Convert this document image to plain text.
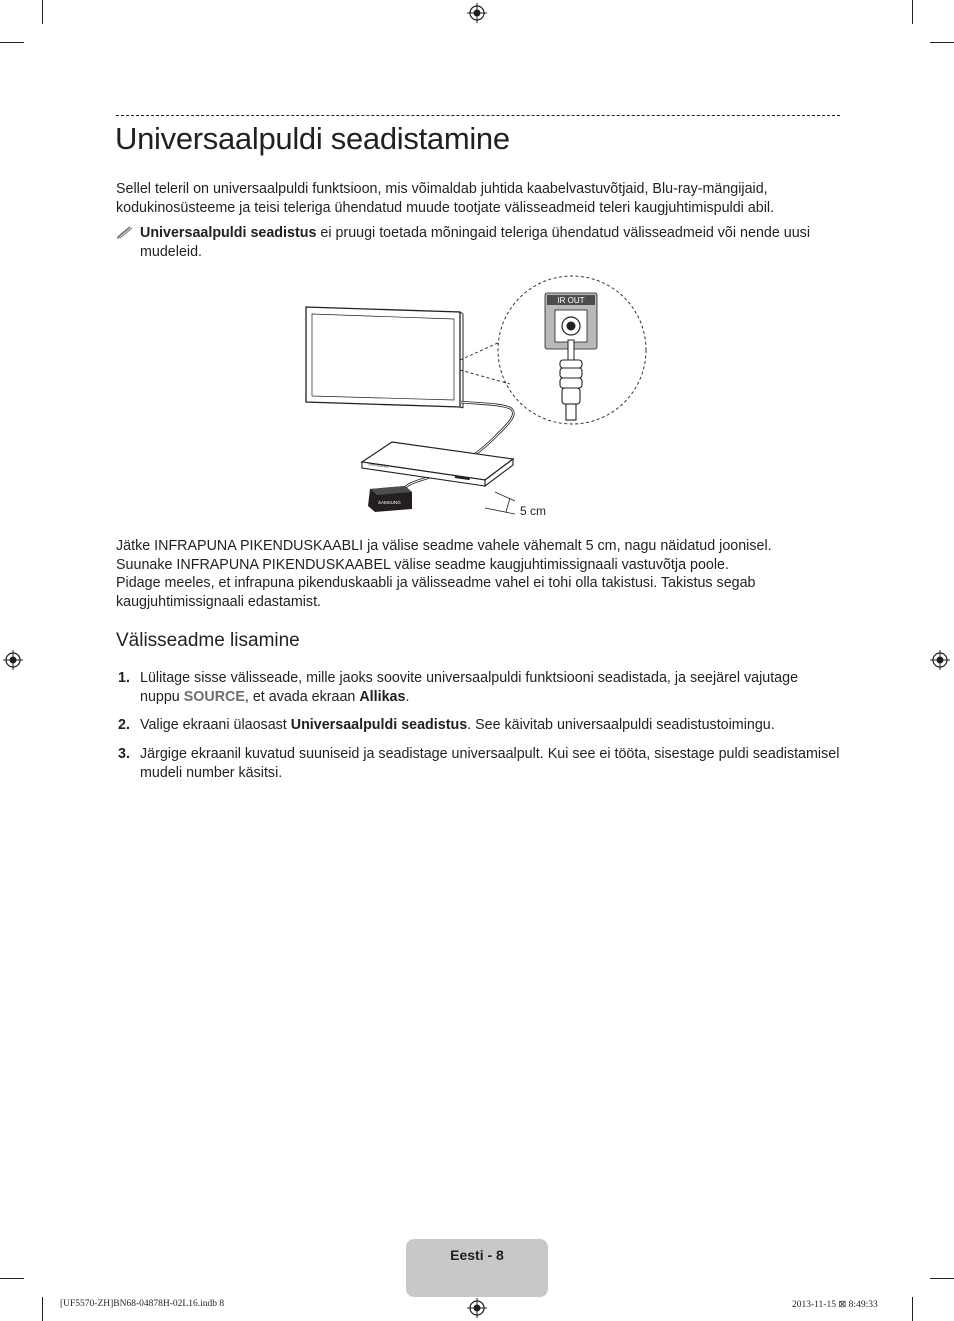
Universaalpuldi seadistamine

Sellel teleril on universaalpuldi funktsioon, mis võimaldab juhtida kaabelvastuvõtjaid, Blu-ray-mängijaid, kodukinosüsteeme ja teisi teleriga ühendatud muude tootjate välisseadmeid teleri kaugjuhtimispuldi abil.

Universaalpuldi seadistus ei pruugi toetada mõningaid teleriga ühendatud välisseadmeid või nende uusi mudeleid.

IR OUT
SAMSUNG
SAMSUNG
5 cm

Jätke INFRAPUNA PIKENDUSKAABLI ja välise seadme vahele vähemalt 5 cm, nagu näidatud joonisel.

Suunake INFRAPUNA PIKENDUSKAABEL välise seadme kaugjuhtimissignaali vastuvõtja poole.

Pidage meeles, et infrapuna pikenduskaabli ja välisseadme vahel ei tohi olla takistusi. Takistus segab kaugjuhtimissignaali edastamist.

Välisseadme lisamine
1. Lülitage sisse välisseade, mille jaoks soovite universaalpuldi funktsiooni seadistada, ja seejärel vajutage nuppu SOURCE, et avada ekraan Allikas.

2. Valige ekraani ülaosast Universaalpuldi seadistus. See käivitab universaalpuldi seadistustoimingu.

3. Järgige ekraanil kuvatud suuniseid ja seadistage universaalpult. Kui see ei tööta, sisestage puldi seadistamisel mudeli number käsitsi.

Eesti - 8
[UF5570-ZH]BN68-04878H-02L16.indb 8	2013-11-15 ⊠ 8:49:33
